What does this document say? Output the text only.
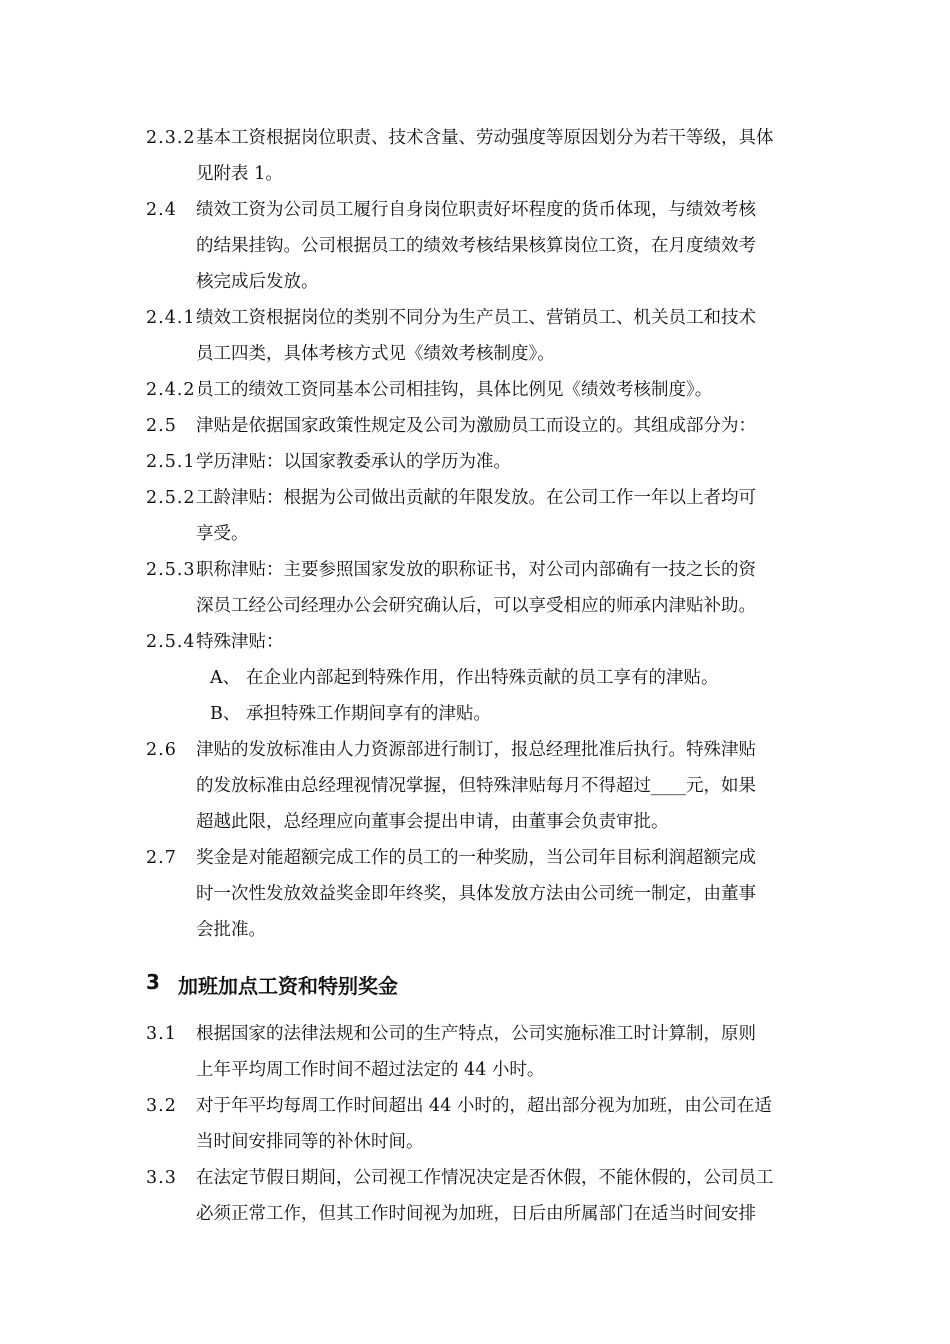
2.3.2 基本工资根据岗位职责、技术含量、劳动强度等原因划分为若干等级，具体
见附表 1。
2.4 绩效工资为公司员工履行自身岗位职责好坏程度的货币体现，与绩效考核
的结果挂钩。公司根据员工的绩效考核结果核算岗位工资，在月度绩效考
核完成后发放。
2.4.1 绩效工资根据岗位的类别不同分为生产员工、营销员工、机关员工和技术
员工四类，具体考核方式见《绩效考核制度》。
2.4.2 员工的绩效工资同基本公司相挂钩，具体比例见《绩效考核制度》。
2.5 津贴是依据国家政策性规定及公司为激励员工而设立的。其组成部分为：
2.5.1 学历津贴：以国家教委承认的学历为准。
2.5.2 工龄津贴：根据为公司做出贡献的年限发放。在公司工作一年以上者均可
享受。
2.5.3 职称津贴：主要参照国家发放的职称证书，对公司内部确有一技之长的资
深员工经公司经理办公会研究确认后，可以享受相应的师承内津贴补助。
2.5.4 特殊津贴：
A、 在企业内部起到特殊作用，作出特殊贡献的员工享有的津贴。
B、 承担特殊工作期间享有的津贴。
2.6 津贴的发放标准由人力资源部进行制订，报总经理批准后执行。特殊津贴
的发放标准由总经理视情况掌握，但特殊津贴每月不得超过____元，如果
超越此限，总经理应向董事会提出申请，由董事会负责审批。
2.7 奖金是对能超额完成工作的员工的一种奖励，当公司年目标利润超额完成
时一次性发放效益奖金即年终奖，具体发放方法由公司统一制定，由董事
会批准。
3 加班加点工资和特别奖金
3.1 根据国家的法律法规和公司的生产特点，公司实施标准工时计算制，原则
上年平均周工作时间不超过法定的 44 小时。
3.2 对于年平均每周工作时间超出 44 小时的，超出部分视为加班，由公司在适
当时间安排同等的补休时间。
3.3 在法定节假日期间，公司视工作情况决定是否休假，不能休假的，公司员工
必须正常工作，但其工作时间视为加班，日后由所属部门在适当时间安排
